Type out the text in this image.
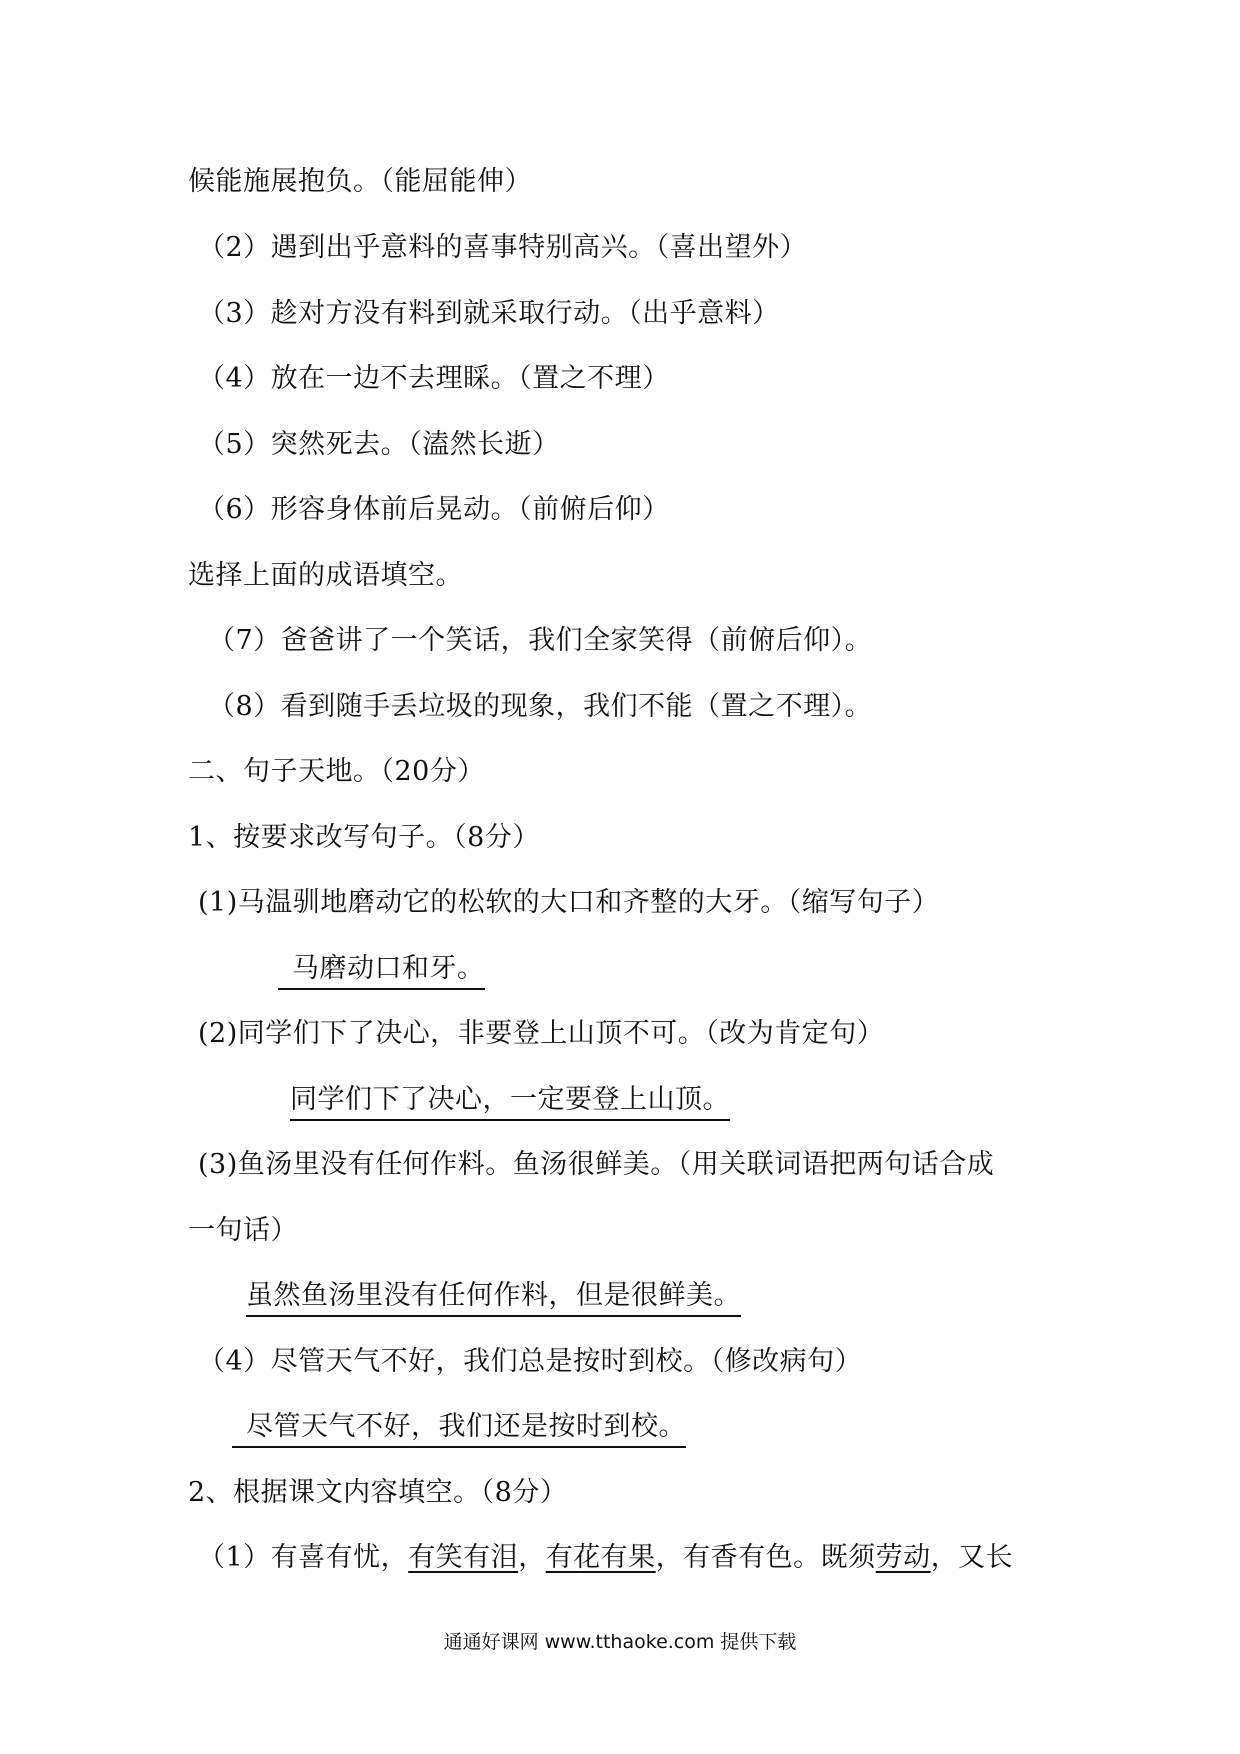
候能施展抱负。（能屈能伸）
（2）遇到出乎意料的喜事特别高兴。（喜出望外）
（3）趁对方没有料到就采取行动。（出乎意料）
（4）放在一边不去理睬。（置之不理）
（5）突然死去。（溘然长逝）
（6）形容身体前后晃动。（前俯后仰）
选择上面的成语填空。
（7）爸爸讲了一个笑话，我们全家笑得（前俯后仰）。
（8）看到随手丢垃圾的现象，我们不能（置之不理）。
二、句子天地。（20分）
1、按要求改写句子。（8分）
(1)马温驯地磨动它的松软的大口和齐整的大牙。（缩写句子）
马磨动口和牙。
(2)同学们下了决心，非要登上山顶不可。（改为肯定句）
同学们下了决心，一定要登上山顶。
(3)鱼汤里没有任何作料。鱼汤很鲜美。（用关联词语把两句话合成
一句话）
虽然鱼汤里没有任何作料，但是很鲜美。
（4）尽管天气不好，我们总是按时到校。（修改病句）
尽管天气不好，我们还是按时到校。
2、根据课文内容填空。（8分）
（1）有喜有忧，有笑有泪，有花有果，有香有色。既须劳动，又长
通通好课网 www.tthaoke.com 提供下载
